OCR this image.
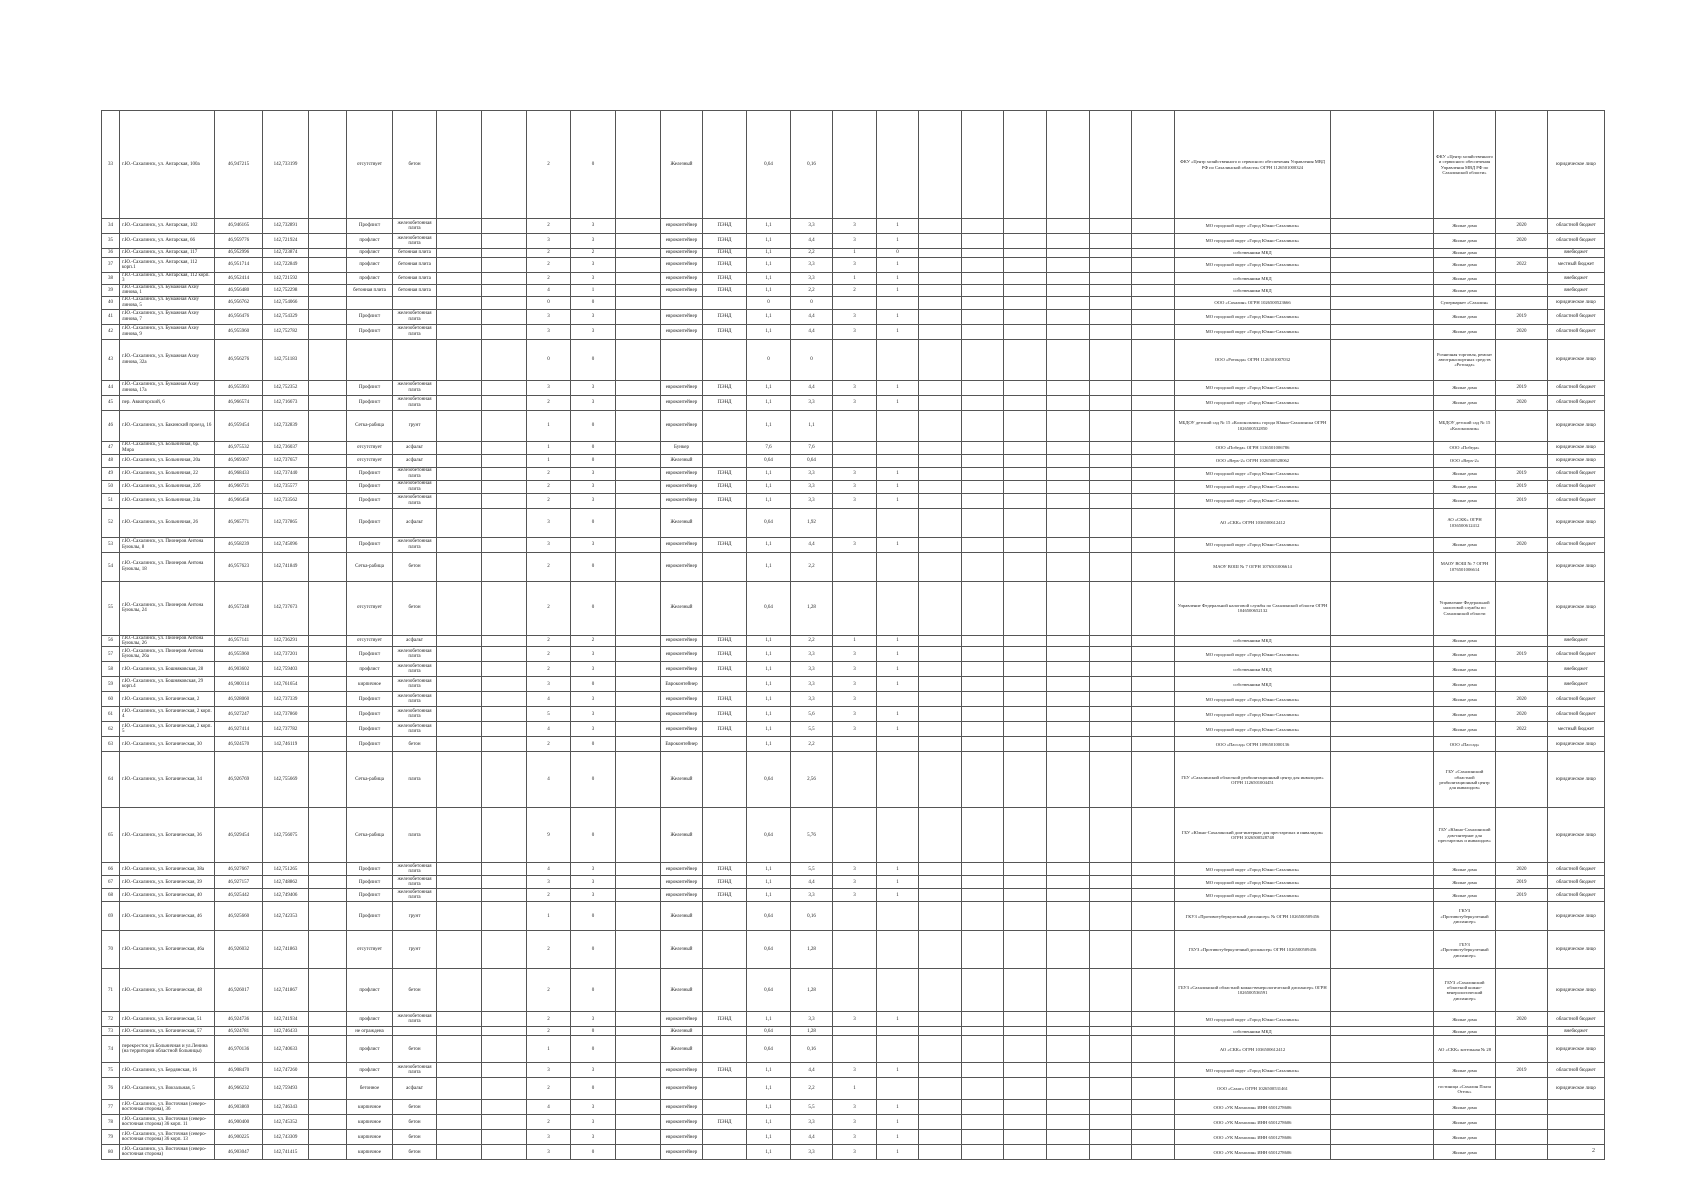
33	г.Ю.-Сахалинск, ул. Ангарская, 100а	46,947215	142,733199		отсутствует	бетон			2	0		Железный		0,64	0,16									ФКУ «Центр хозяйственного и сервисного обеспечения Управления МВД РФ по Сахалинской области» ОГРН 1126501000324		ФКУ «Центр хозяйственного и сервисного обеспечения Управления МВД РФ по Сахалинской области»		юридическое лицо
34	г.Ю.-Сахалинск, ул. Ангарская, 102	46,946165	142,732891		Профлист	железобетонная плита			2	3		евроконтейнер	ПЭНД	1,1	3,3	3	1							МО городской округ «Город Южно-Сахалинск»		Жилые дома	2020	областной бюджет
35	г.Ю.-Сахалинск, ул. Ангарская, 66	46,959776	142,721924		профлист	железобетонная плита			3	3		евроконтейнер	ПЭНД	1,1	4,4	3	1							МО городской округ «Город Южно-Сахалинск»		Жилые дома	2020	областной бюджет
36	г.Ю.-Сахалинск, ул. Ангарская, 117	46,952996	142,723874		профлист	бетонная плита			2	2		евроконтейнер	ПЭНД	1,1	2,2	1	0							собственники МКД		Жилые дома		внебюджет
37	г.Ю.-Сахалинск, ул. Ангарская, 112 корп.1	46,951714	142,722849		профлист	бетонная плита			2	3		евроконтейнер	ПЭНД	1,1	3,3	3	1							МО городской округ «Город Южно-Сахалинск»		Жилые дома	2022	местный бюджет
38	г.Ю.-Сахалинск, ул. Ангарская, 112 корп. 3	46,952414	142,721592		профлист	бетонная плита			2	3		евроконтейнер	ПЭНД	1,1	3,3	1	1							собственники МКД		Жилые дома		внебюджет
39	г.Ю.-Сахалинск, ул. Бумажная Ахиу линова, 1	46,956480	142,752298		бетонная плита	бетонная плита			4	1		евроконтейнер	ПЭНД	1,1	2,2	2	1							собственники МКД		Жилые дома		внебюджет
40	г.Ю.-Сахалинск, ул. Бумажная Ахиу линова, 5	46,956762	142,754066						0	0				0	0									ООО «Сахалин» ОГРН 1026500523666		Супермаркет «Сахалин»		юридическое лицо
41	г.Ю.-Сахалинск, ул. Бумажная Ахиу линова, 7	46,956476	142,754329		Профлист	железобетонная плита			3	3		евроконтейнер	ПЭНД	1,1	4,4	3	1							МО городской округ «Город Южно-Сахалинск»		Жилые дома	2019	областной бюджет
42	г.Ю.-Сахалинск, ул. Бумажная Ахиу линова, 9	46,955960	142,752782		Профлист	железобетонная плита			3	3		евроконтейнер	ПЭНД	1,1	4,4	3	1							МО городской округ «Город Южно-Сахалинск»		Жилые дома	2020	областной бюджет
43	г.Ю.-Сахалинск, ул. Бумажная Ахиу линова, 32а	46,956276	142,751183						0	0				0	0									ООО «Ротонда» ОГРН 1126501007032		Розничная торговля, ремонт автотранспортных средств «Ротонда»		юридическое лицо
44	г.Ю.-Сахалинск, ул. Бумажная Ахиу линова, 17а	46,955993	142,752352		Профлист	железобетонная плита			3	3		евроконтейнер	ПЭНД	1,1	4,4	3	1							МО городской округ «Город Южно-Сахалинск»		Жилые дома	2019	областной бюджет
45	пер. Авиаторский, 6	46,966574	142,716673		Профлист	железобетонная плита			2	3		евроконтейнер	ПЭНД	1,1	3,3	3	1							МО городской округ «Город Южно-Сахалинск»		Жилые дома	2020	областной бюджет
46	г.Ю.-Сахалинск, ул. Бакинский проезд, 16	46,959454	142,732839		Сетка-рабица	грунт			1	0		евроконтейнер		1,1	1,1									МБДОУ детский сад № 15 «Колокольчик» города Южно-Сахалинска ОГРН 1026500532850		МБДОУ детский сад № 15 «Колокольчик»		юридическое лицо
47	г.Ю.-Сахалинск, ул. Больничная, бр. Мира	46,975532	142,736037		отсутствует	асфальт			1	0		Бункер		7,6	7,6									ООО «Победа» ОГРН 1136501006786		ООО «Победа»		юридическое лицо
48	г.Ю.-Сахалинск, ул. Больничная, 20а	46,969367	142,737657		отсутствует	асфальт			1	0		Железный		0,64	0,64									ООО «Верх-2» ОГРН 1026500528062		ООО «Верх-2»		юридическое лицо
49	г.Ю.-Сахалинск, ул. Больничная, 22	46,968433	142,737440		Профлист	железобетонная плита			2	3		евроконтейнер	ПЭНД	1,1	3,3	3	1							МО городской округ «Город Южно-Сахалинск»		Жилые дома	2019	областной бюджет
50	г.Ю.-Сахалинск, ул. Больничная, 22б	46,966721	142,735577		Профлист	железобетонная плита			2	3		евроконтейнер	ПЭНД	1,1	3,3	3	1							МО городской округ «Город Южно-Сахалинск»		Жилые дома	2019	областной бюджет
51	г.Ю.-Сахалинск, ул. Больничная, 24а	46,966458	142,733562		Профлист	железобетонная плита			2	3		евроконтейнер	ПЭНД	1,1	3,3	3	1							МО городской округ «Город Южно-Сахалинск»		Жилые дома	2019	областной бюджет
52	г.Ю.-Сахалинск, ул. Больничная, 26	46,965771	142,737865		Профлист	асфальт			3	0		Железный		0,64	1,92									АО «СКК» ОГРН 1036500612412		АО «СКК» ОГРН 1036500612412		юридическое лицо
53	г.Ю.-Сахалинск, ул. Пионеров Антона Буюклы, 8	46,958239	142,745096		Профлист	железобетонная плита			3	3		евроконтейнер	ПЭНД	1,1	4,4	3	1							МО городской округ «Город Южно-Сахалинск»		Жилые дома	2020	областной бюджет
54	г.Ю.-Сахалинск, ул. Пионеров Антона Буюклы, 18	46,957623	142,741849		Сетка-рабица	бетон			2	0		евроконтейнер		1,1	2,2									МАОУ ВОШ № 7 ОГРН 1076501006614		МАОУ ВОШ № 7 ОГРН 1076501006614		юридическое лицо
55	г.Ю.-Сахалинск, ул. Пионеров Антона Буюклы, 24	46,957248	142,737673		отсутствует	бетон			2	0		Железный		0,64	1,28									Управление Федеральной налоговой службы по Сахалинской области ОГРН 1046500652132		Управление Федеральной налоговой службы по Сахалинской области		юридическое лицо
56	г.Ю.-Сахалинск, ул. Пионеров Антона Буюклы, 26	46,957141	142,736291		отсутствует	асфальт			2	2		евроконтейнер	ПЭНД	1,1	2,2	1	1							собственники МКД		Жилые дома		внебюджет
57	г.Ю.-Сахалинск, ул. Пионеров Антона Буюклы, 26а	46,955960	142,737201		Профлист	железобетонная плита			2	3		евроконтейнер	ПЭНД	1,1	3,3	3	1							МО городской округ «Город Южно-Сахалинск»		Жилые дома	2019	областной бюджет
58	г.Ю.-Сахалинск, ул. Бошняковская, 28	46,903602	142,759403		профлист	железобетонная плита			2	3		евроконтейнер	ПЭНД	1,1	3,3	3	1							собственники МКД		Жилые дома		внебюджет
59	г.Ю.-Сахалинск, ул. Бошняковская, 29 корп.4	46,900114	142,761654		кирпичное	железобетонная плита			3	0		Евроконтейнер		1,1	3,3	3	1							собственники МКД		Жилые дома		внебюджет
60	г.Ю.-Сахалинск, ул. Ботаническая, 2	46,928060	142,737339		Профлист	железобетонная плита			4	3		евроконтейнер	ПЭНД	1,1	3,3	3								МО городской округ «Город Южно-Сахалинск»		Жилые дома	2020	областной бюджет
61	г.Ю.-Сахалинск, ул. Ботаническая, 2 корп. 4	46,927247	142,737860		Профлист	железобетонная плита			5	3		евроконтейнер	ПЭНД	1,1	5,6	3	1							МО городской округ «Город Южно-Сахалинск»		Жилые дома	2020	областной бюджет
62	г.Ю.-Сахалинск, ул. Ботаническая, 2 корп. 5	46,927414	142,737782		Профлист	железобетонная плита			4	3		евроконтейнер	ПЭНД	1,1	5,5	3	1							МО городской округ «Город Южно-Сахалинск»		Жилые дома	2022	местный бюджет
63	г.Ю.-Сахалинск, ул. Ботаническая, 30	46,924570	142,746119		Профлист	бетон			2	0		Евроконтейнер		1,1	2,2									ООО «Пассад» ОГРН 1096501000136		ООО «Пассад»		юридическое лицо
64	г.Ю.-Сахалинск, ул. Ботаническая, 34	46,926769	142,755669		Сетка-рабица	плита			4	0		Железный		0,64	2,56									ГБУ «Сахалинский областной реабилитационный центр для инвалидов» ОГРН 1126501004451		ГБУ «Сахалинский областной реабилитационный центр для инвалидов»		юридическое лицо
65	г.Ю.-Сахалинск, ул. Ботаническая, 36	46,929454	142,756075		Сетка-рабица	плита			9	0		Железный		0,64	5,76									ГБУ «Южно-Сахалинский дом-интернат для престарелых и инвалидов» ОГРН 1026500528748		ГБУ «Южно-Сахалинский дом-интернат для престарелых и инвалидов»		юридическое лицо
66	г.Ю.-Сахалинск, ул. Ботаническая, 38а	46,927667	142,751265		Профлист	железобетонная плита			4	3		евроконтейнер	ПЭНД	1,1	5,5	3	1							МО городской округ «Город Южно-Сахалинск»		Жилые дома	2020	областной бюджет
67	г.Ю.-Сахалинск, ул. Ботаническая, 39	46,927157	142,748862		Профлист	железобетонная плита			3	3		евроконтейнер	ПЭНД	1,1	4,4	3	1							МО городской округ «Город Южно-Сахалинск»		Жилые дома	2019	областной бюджет
68	г.Ю.-Сахалинск, ул. Ботаническая, 40	46,925442	142,749406		Профлист	железобетонная плита			2	3		евроконтейнер	ПЭНД	1,1	3,3	3	1							МО городской округ «Город Южно-Сахалинск»		Жилые дома	2019	областной бюджет
69	г.Ю.-Сахалинск, ул. Ботаническая, 46	46,925660	142,742353		Профлист	грунт			1	0		Железный		0,64	0,16									ГКУЗ «Противотуберкулезный диспансер» № ОГРН 1026500509456		ГКУЗ «Противотуберкулезный диспансер»		юридическое лицо
70	г.Ю.-Сахалинск, ул. Ботаническая, 46а	46,926032	142,741863		отсутствует	грунт			2	0		Железный		0,64	1,28									ГБУЗ «Противотуберкулезный диспансер» ОГРН 1026500509456		ГБУЗ «Противотуберкулезный диспансер»		юридическое лицо
71	г.Ю.-Сахалинск, ул. Ботаническая, 48	46,926017	142,741867		профлист	бетон			2	0		Железный		0,64	1,28									ГБУЗ «Сахалинский областной кожно-венерологический диспансер» ОГРН 1026500536591		ГБУЗ «Сахалинский областной кожно-венерологический диспансер»		юридическое лицо
72	г.Ю.-Сахалинск, ул. Ботаническая, 51	46,924736	142,741934		профлист	железобетонная плита			2	3		евроконтейнер	ПЭНД	1,1	3,3	3	1							МО городской округ «Город Южно-Сахалинск»		Жилые дома	2020	областной бюджет
73	г.Ю.-Сахалинск, ул. Ботаническая, 57	46,924781	142,746433		не ограждена				2	0		Железный		0,64	1,28									собственники МКД		Жилые дома		внебюджет
74	перекресток ул.Больничная и ул.Ленина (на территории областной больницы)	46,970136	142,740633		профлист	бетон			1	0		Железный		0,64	0,16									АО «СКК» ОГРН 1036500612412		АО «СКК» котельная № 28		юридическое лицо
75	г.Ю.-Сахалинск, ул. Бердянская, 16	46,908470	142,747260		профлист	железобетонная плита			3	3		евроконтейнер	ПЭНД	1,1	4,4	3	1							МО городской округ «Город Южно-Сахалинск»		Жилые дома	2019	областной бюджет
76	г.Ю.-Сахалинск, ул. Вокзальная, 5	46,966232	142,759493		бетонное	асфальт			2	0		евроконтейнер		1,1	2,2	1								ООО «Сахаг» ОГРН 1026500531461		гостиница «Сахалин Плаза Отель»		юридическое лицо
77	г.Ю.-Сахалинск, ул. Восточная (северо-восточная сторона), 36	46,903869	142,746343		кирпичное	бетон			4	3		евроконтейнер		1,1	5,5	3	1							ООО «УК Магнолия» ИНН 6501278606		Жилые дома		
78	г.Ю.-Сахалинск, ул. Восточная (северо-восточная сторона) 36 корп. 11	46,900400	142,745352		кирпичное	бетон			2	3		евроконтейнер	ПЭНД	1,1	3,3	3	1							ООО «УК Магнолия» ИНН 6501278606		Жилые дома		
79	г.Ю.-Сахалинск, ул. Восточная (северо-восточная сторона) 36 корп. 13	46,900225	142,743309		кирпичное	бетон			3	3		евроконтейнер		1,1	4,4	3	1							ООО «УК Магнолия» ИНН 6501278606		Жилые дома		
80	г.Ю.-Сахалинск, ул. Восточная (северо-восточная сторона)	46,903047	142,741415		кирпичное	бетон			3	0		евроконтейнер		1,1	3,3	3	1							ООО «УК Магнолия» ИНН 6501278606		Жилые дома			2
